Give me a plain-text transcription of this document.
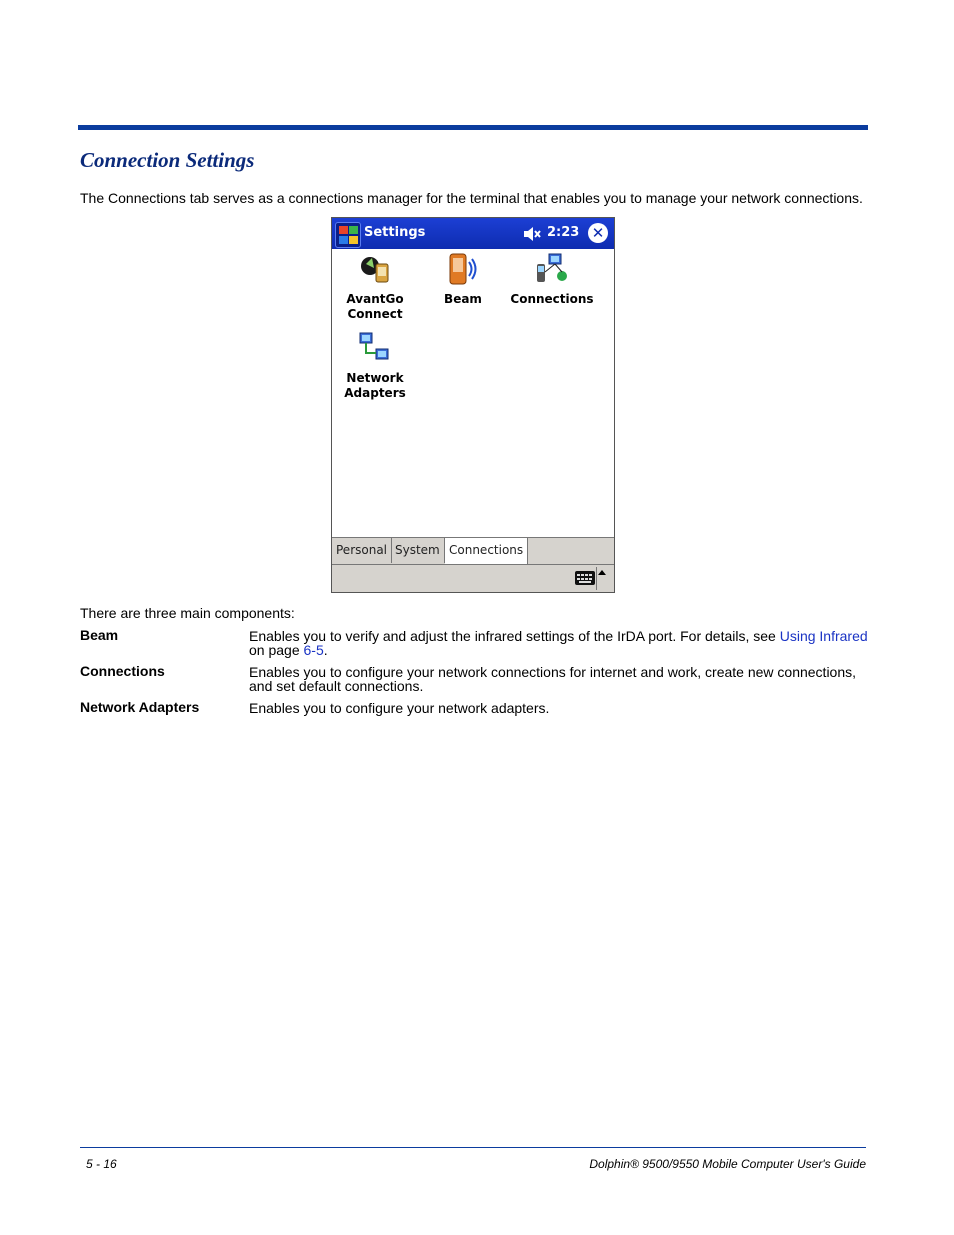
Connection Settings
The Connections tab serves as a connections manager for the terminal that enables you to manage your network connections.
Settings	2:23 ✕
AvantGo
Connect
Beam	Connections
Network
Adapters
Personal System Connections
There are three main components:
Beam	Enables you to verify and adjust the infrared settings of the IrDA port. For details, see Using Infrared on page 6-5.
Connections	Enables you to configure your network connections for internet and work, create new connections, and set default connections.
Network Adapters	Enables you to configure your network adapters.
5 - 16	Dolphin® 9500/9550 Mobile Computer User's Guide
